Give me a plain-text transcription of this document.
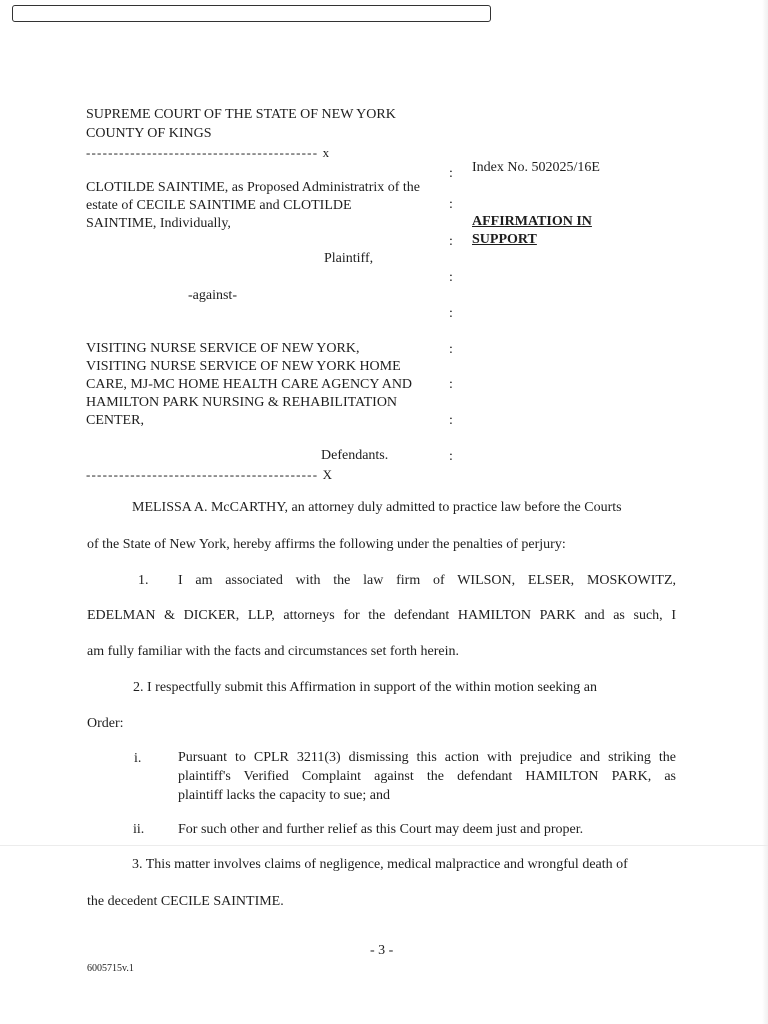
SUPREME COURT OF THE STATE OF NEW YORK
COUNTY OF KINGS
------------------------------------------ x
Index No. 502025/16E
:
:
:
:
:
:
:
:
:
CLOTILDE SAINTIME, as Proposed Administratrix of the
estate of CECILE SAINTIME and CLOTILDE
SAINTIME, Individually,	AFFIRMATION IN
SUPPORT
Plaintiff,
-against-
VISITING NURSE SERVICE OF NEW YORK,
VISITING NURSE SERVICE OF NEW YORK HOME
CARE, MJ-MC HOME HEALTH CARE AGENCY AND
HAMILTON PARK NURSING & REHABILITATION
CENTER,
Defendants.
------------------------------------------ X
MELISSA A. McCARTHY, an attorney duly admitted to practice law before the Courts
of the State of New York, hereby affirms the following under the penalties of perjury:
1. I am associated with the law firm of WILSON, ELSER, MOSKOWITZ,
EDELMAN & DICKER, LLP, attorneys for the defendant HAMILTON PARK and as such, I
am fully familiar with the facts and circumstances set forth herein.
2. I respectfully submit this Affirmation in support of the within motion seeking an
Order:
i.	Pursuant to CPLR 3211(3) dismissing this action with prejudice and striking the
plaintiff's Verified Complaint against the defendant HAMILTON PARK, as
plaintiff lacks the capacity to sue; and
ii. For such other and further relief as this Court may deem just and proper.
3. This matter involves claims of negligence, medical malpractice and wrongful death of
the decedent CECILE SAINTIME.
- 3 -
6005715v.1
